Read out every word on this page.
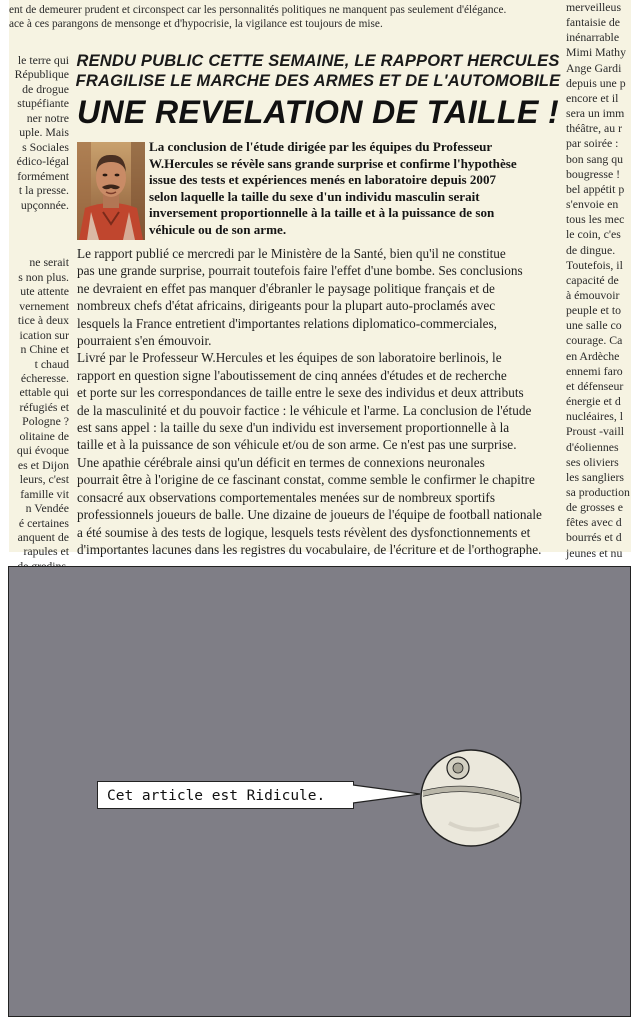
ent de demeurer prudent et circonspect car les personnalités politiques ne manquent pas seulement d'élégance.
ace à ces parangons de mensonge et d'hypocrisie, la vigilance est toujours de mise.
le terre qui
République
de drogue
stupéfiante
ner notre
uple. Mais
s Sociales
édico-légal
formément
t la presse.
upçonnée.

ne serait
s non plus.
ute attente
vernement
tice à deux
ication sur
n Chine et
t chaud
écheresse.
ettable qui
réfugiés et
Pologne ?
olitaine de
qui évoque
es et Dijon
leurs, c'est
famille vit
n Vendée
é certaines
anquent de
rapules et
merveilleus
fantaisie de
inénarrable
Mimi Mathy
Ange Gardi
depuis une p
encore et il
sera un imm
théâtre, au r
par soirée :
bon sang qu
bougresse !
bel appétit p
s'envoie en
tous les mec
le coin, c'es
de dingue.
Toutefois, il
capacité de
à émouvoir
peuple et to
une salle co
courage. Ca
en Ardèche
ennemi faro
et défenseur
énergie et d
nucléaires, l
Proust -vaill
d'éoliennes
ses oliviers
les sangliers
sa production
de grosses e
fêtes avec d
bourrés et d
jeunes et nu
RENDU PUBLIC CETTE SEMAINE, LE RAPPORT HERCULES
FRAGILISE LE MARCHE DES ARMES ET DE L'AUTOMOBILE
UNE REVELATION DE TAILLE !
La conclusion de l'étude dirigée par les équipes du Professeur
W.Hercules se révèle sans grande surprise et confirme l'hypothèse
issue des tests et expériences menés en laboratoire depuis 2007
selon laquelle la taille du sexe d'un individu masculin serait
inversement proportionnelle à la taille et à la puissance de son
véhicule ou de son arme.
Le rapport publié ce mercredi par le Ministère de la Santé, bien qu'il ne constitue
pas une grande surprise, pourrait toutefois faire l'effet d'une bombe. Ses conclusions
ne devraient en effet pas manquer d'ébranler le paysage politique français et de
nombreux chefs d'état africains, dirigeants pour la plupart auto-proclamés avec
lesquels la France entretient d'importantes relations diplomatico-commerciales,
pourraient s'en émouvoir.
Livré par le Professeur W.Hercules et les équipes de son laboratoire berlinois, le
rapport en question signe l'aboutissement de cinq années d'études et de recherche
et porte sur les correspondances de taille entre le sexe des individus et deux attributs
de la masculinité et du pouvoir factice : le véhicule et l'arme. La conclusion de l'étude
est sans appel : la taille du sexe d'un individu est inversement proportionnelle à la
taille et à la puissance de son véhicule et/ou de son arme. Ce n'est pas une surprise.
Une apathie cérébrale ainsi qu'un déficit en termes de connexions neuronales
pourrait être à l'origine de ce fascinant constat, comme semble le confirmer le chapitre
consacré aux observations comportementales menées sur de nombreux sportifs
professionnels joueurs de balle. Une dizaine de joueurs de l'équipe de football nationale
a été soumise à des tests de logique, lesquels tests révèlent des dysfonctionnements et
d'importantes lacunes dans les registres du vocabulaire, de l'écriture et de l'orthographe.
Cet article est Ridicule.
